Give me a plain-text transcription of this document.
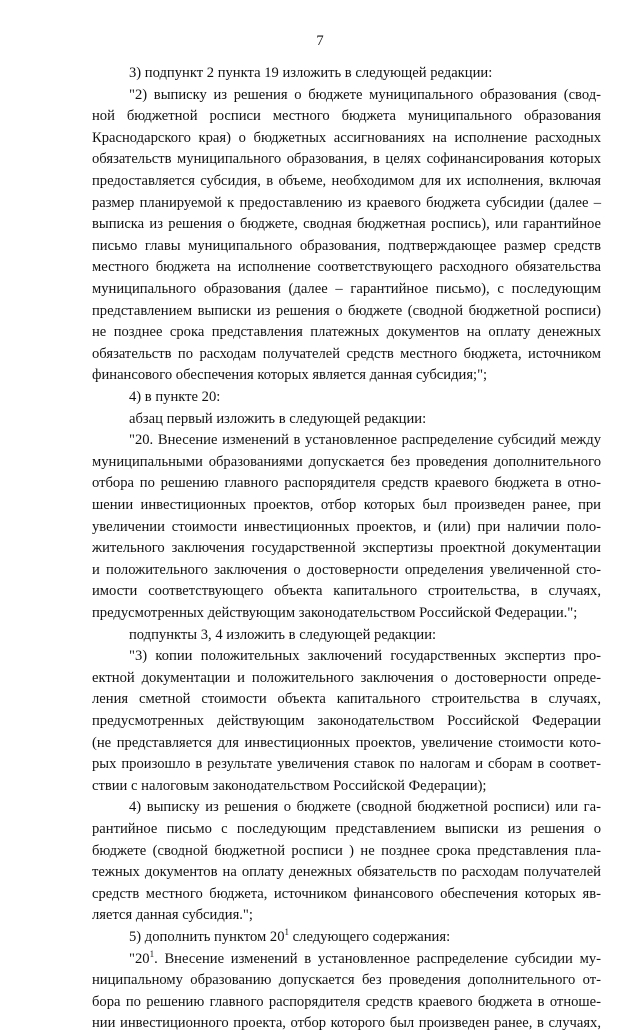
7
3) подпункт 2 пункта 19 изложить в следующей редакции:
"2) выписку из решения о бюджете муниципального образования (свод-
ной бюджетной росписи местного бюджета муниципального образования
Краснодарского края) о бюджетных ассигнованиях на исполнение расходных
обязательств муниципального образования, в целях софинансирования которых
предоставляется субсидия, в объеме, необходимом для их исполнения, включая
размер планируемой к предоставлению из краевого бюджета субсидии (далее –
выписка из решения о бюджете, сводная бюджетная роспись), или гарантийное
письмо главы муниципального образования, подтверждающее размер средств
местного бюджета на исполнение соответствующего расходного обязательства
муниципального образования (далее – гарантийное письмо), с последующим
представлением выписки из решения о бюджете (сводной бюджетной росписи)
не позднее срока представления платежных документов на оплату денежных
обязательств по расходам получателей средств местного бюджета, источником
финансового обеспечения которых является данная субсидия;";
4) в пункте 20:
абзац первый изложить в следующей редакции:
"20. Внесение изменений в установленное распределение субсидий между
муниципальными образованиями допускается без проведения дополнительного
отбора по решению главного распорядителя средств краевого бюджета в отно-
шении инвестиционных проектов, отбор которых был произведен ранее, при
увеличении стоимости инвестиционных проектов, и (или) при наличии поло-
жительного заключения государственной экспертизы проектной документации
и положительного заключения о достоверности определения увеличенной сто-
имости соответствующего объекта капитального строительства, в случаях,
предусмотренных действующим законодательством Российской Федерации.";
подпункты 3, 4 изложить в следующей редакции:
"3) копии положительных заключений государственных экспертиз про-
ектной документации и положительного заключения о достоверности опреде-
ления сметной стоимости объекта капитального строительства в случаях,
предусмотренных действующим законодательством Российской Федерации
(не представляется для инвестиционных проектов, увеличение стоимости кото-
рых произошло в результате увеличения ставок по налогам и сборам в соответ-
ствии с налоговым законодательством Российской Федерации);
4) выписку из решения о бюджете (сводной бюджетной росписи) или га-
рантийное письмо с последующим представлением выписки из решения о
бюджете (сводной бюджетной росписи ) не позднее срока представления пла-
тежных документов на оплату денежных обязательств по расходам получателей
средств местного бюджета, источником финансового обеспечения которых яв-
ляется данная субсидия.";
5) дополнить пунктом $20^1$ следующего содержания:
"$20^1$. Внесение изменений в установленное распределение субсидии му-
ниципальному образованию допускается без проведения дополнительного от-
бора по решению главного распорядителя средств краевого бюджета в отноше-
нии инвестиционного проекта, отбор которого был произведен ранее, в случаях,
